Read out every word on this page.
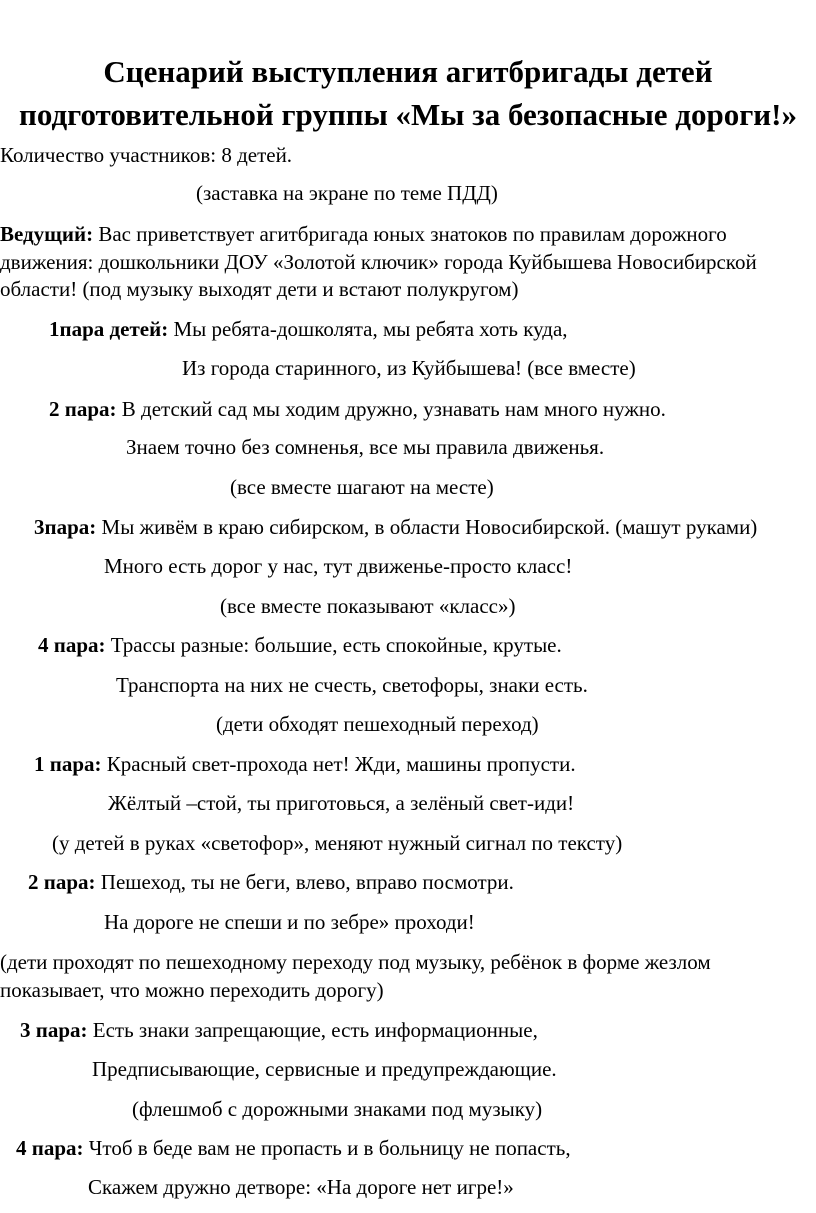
Сценарий выступления агитбригады детей
подготовительной группы «Мы за безопасные дороги!»

Количество участников: 8 детей.

(заставка на экране по теме ПДД)

Ведущий: Вас приветствует агитбригада юных знатоков по правилам дорожного

движения: дошкольники ДОУ «Золотой ключик» города Куйбышева Новосибирской

области! (под музыку выходят дети и встают полукругом)

1пара детей: Мы ребята-дошколята, мы ребята хоть куда,

Из города старинного, из Куйбышева! (все вместе)

2 пара: В детский сад мы ходим дружно, узнавать нам много нужно.

Знаем точно без сомненья, все мы правила движенья.

(все вместе шагают на месте)

3пара: Мы живём в краю сибирском, в области Новосибирской. (машут руками)

Много есть дорог у нас, тут движенье-просто класс!

(все вместе показывают «класс»)

4 пара: Трассы разные: большие, есть спокойные, крутые.

Транспорта на них не счесть, светофоры, знаки есть.

(дети обходят пешеходный переход)

1 пара: Красный свет-прохода нет! Жди, машины пропусти.

Жёлтый –стой, ты приготовься, а зелёный свет-иди!

(у детей в руках «светофор», меняют нужный сигнал по тексту)

2 пара: Пешеход, ты не беги, влево, вправо посмотри.

На дороге не спеши и по зебре» проходи!

(дети проходят по пешеходному переходу под музыку, ребёнок в форме жезлом

показывает, что можно переходить дорогу)

3 пара: Есть знаки запрещающие, есть информационные,

Предписывающие, сервисные и предупреждающие.

(флешмоб с дорожными знаками под музыку)

4 пара: Чтоб в беде вам не пропасть и в больницу не попасть,

Скажем дружно детворе: «На дороге нет игре!»
